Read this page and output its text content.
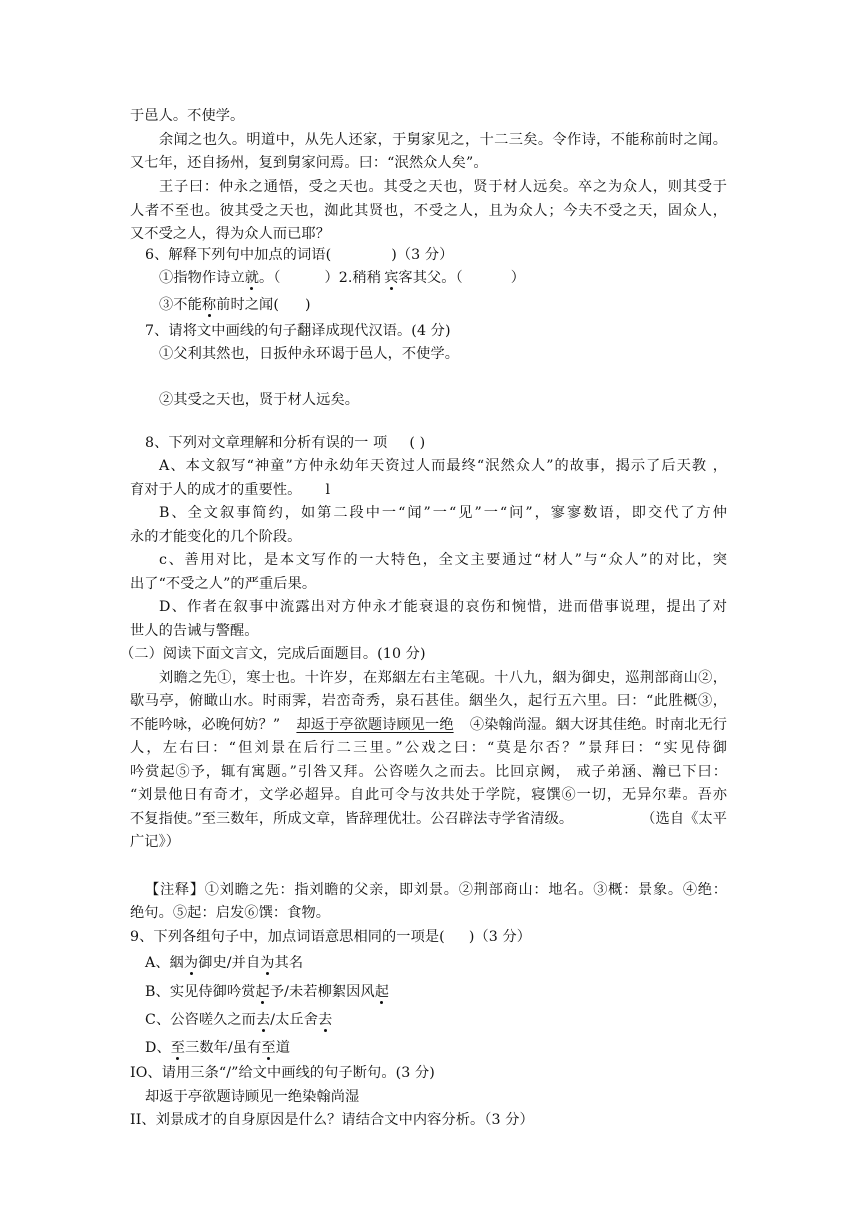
于邑人。不使学。
余闻之也久。明道中，从先人还家，于舅家见之，十二三矣。令作诗，不能称前时之闻。
又七年，还自扬州，复到舅家问焉。曰：“泯然众人矣”。
王子曰：仲永之通悟，受之天也。其受之天也，贤于材人远矣。卒之为众人，则其受于
人者不至也。彼其受之天也，洳此其贤也，不受之人，且为众人；今夫不受之天，固众人，
又不受之人，得为众人而已耶？
6、解释下列句中加点的词语(	)（3 分）
①指物作诗立就。（	）2.稍稍 宾客其父。（	）
③不能称前时之闻( )
7、请将文中画线的句子翻译成现代汉语。(4 分)
①父利其然也，日扳仲永环谒于邑人，不使学。
②其受之天也，贤于材人远矣。
8、下列对文章理解和分析有误的一 项 ( )
A、本文叙写“神童”方仲永幼年天资过人而最终“泯然众人”的故事，揭示了后天教 ，
育对于人的成才的重要性。 l
B、全文叙事简约，如第二段中一“闻”一“见”一“问”，寥寥数语，即交代了方仲
永的才能变化的几个阶段。
c、善用对比，是本文写作的一大特色，全文主要通过“材人”与“众人”的对比，突
出了“不受之人”的严重后果。
D、作者在叙事中流露出对方仲永才能衰退的哀伤和惋惜，进而借事说理，提出了对
世人的告诫与警醒。
（二）阅读下面文言文，完成后面题目。(10 分)
刘瞻之先①，寒士也。十许岁，在郑絪左右主笔砚。十八九，絪为御史，巡荆部商山②，
歇马亭，俯瞰山水。时雨霁，岩峦奇秀，泉石甚佳。絪坐久，起行五六里。曰：“此胜概③，
不能吟咏，必晚何妨？” 却返于亭欲题诗顾见一绝 ④染翰尚湿。絪大讶其佳绝。时南北无行
人，左右曰：“但刘景在后行二三里。”公戏之曰：“莫是尔否？”景拜曰：“实见侍御
吟赏起⑤予，辄有寓题。”引咎又拜。公咨嗟久之而去。比回京阙， 戒子弟涵、瀚已下曰：
“刘景他日有奇才，文学必超异。自此可令与汝共处于学院，寝馔⑥一切，无异尔辈。吾亦
不复指使。”至三数年，所成文章，皆辞理优壮。公召辟法寺学省清级。	（选自《太平
广记》）
【注释】①刘瞻之先：指刘瞻的父亲，即刘景。②荆部商山：地名。③概：景象。④绝：
绝句。⑤起：启发⑥馔：食物。
9、下列各组句子中，加点词语意思相同的一项是( )（3 分）
A、絪为御史/并自为其名
B、实见侍御吟赏起予/未若柳絮因风起
C、公咨嗟久之而去/太丘舍去
D、至三数年/虽有至道
IO、请用三条“/”给文中画线的句子断句。(3 分)
却返于亭欲题诗顾见一绝染翰尚湿
II、刘景成才的自身原因是什么？请结合文中内容分析。（3 分）
